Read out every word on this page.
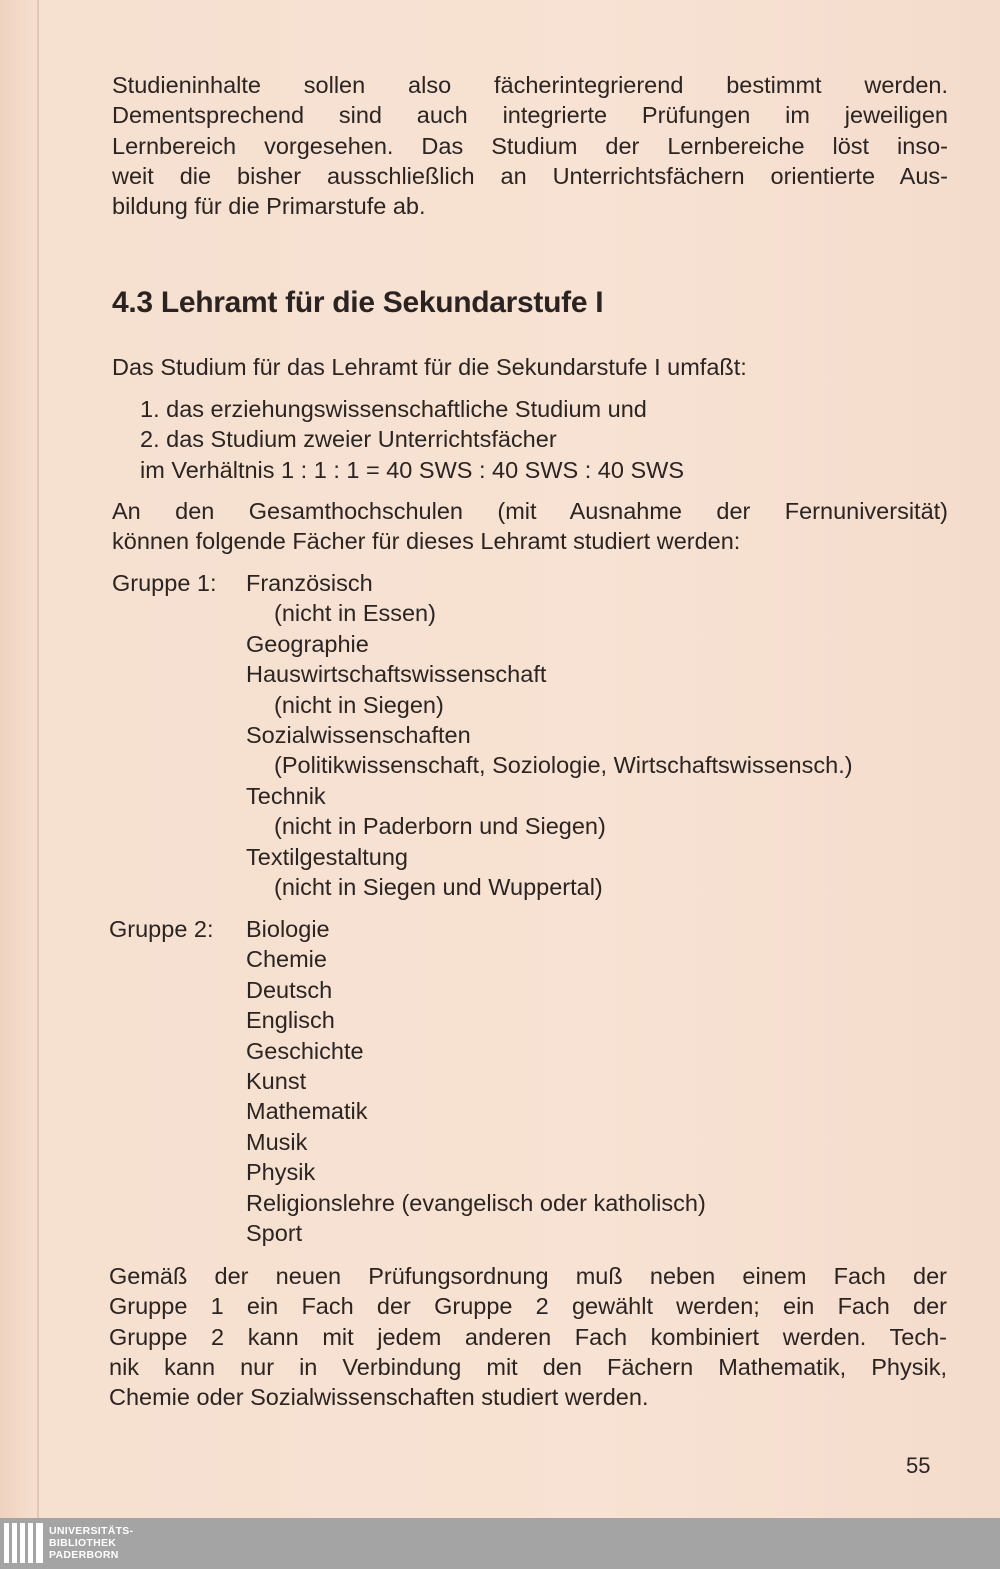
Studieninhalte sollen also fächerintegrierend bestimmt werden.
Dementsprechend sind auch integrierte Prüfungen im jeweiligen
Lernbereich vorgesehen. Das Studium der Lernbereiche löst inso-
weit die bisher ausschließlich an Unterrichtsfächern orientierte Aus-
bildung für die Primarstufe ab.
4.3 Lehramt für die Sekundarstufe I

Das Studium für das Lehramt für die Sekundarstufe I umfaßt:

1. das erziehungswissenschaftliche Studium und

2. das Studium zweier Unterrichtsfächer

im Verhältnis 1 : 1 : 1 = 40 SWS : 40 SWS : 40 SWS

An den Gesamthochschulen (mit Ausnahme der Fernuniversität)
können folgende Fächer für dieses Lehramt studiert werden:
Gruppe 1: Französisch
(nicht in Essen)
Geographie
Hauswirtschaftswissenschaft
(nicht in Siegen)
Sozialwissenschaften
(Politikwissenschaft, Soziologie, Wirtschaftswissensch.)
Technik
(nicht in Paderborn und Siegen)
Textilgestaltung
(nicht in Siegen und Wuppertal)
Gruppe 2: Biologie
Chemie
Deutsch
Englisch
Geschichte
Kunst
Mathematik
Musik
Physik
Religionslehre (evangelisch oder katholisch)
Sport
Gemäß der neuen Prüfungsordnung muß neben einem Fach der
Gruppe 1 ein Fach der Gruppe 2 gewählt werden; ein Fach der
Gruppe 2 kann mit jedem anderen Fach kombiniert werden. Tech-
nik kann nur in Verbindung mit den Fächern Mathematik, Physik,
Chemie oder Sozialwissenschaften studiert werden.
55
UNIVERSITÄTS-
BIBLIOTHEK
PADERBORN
